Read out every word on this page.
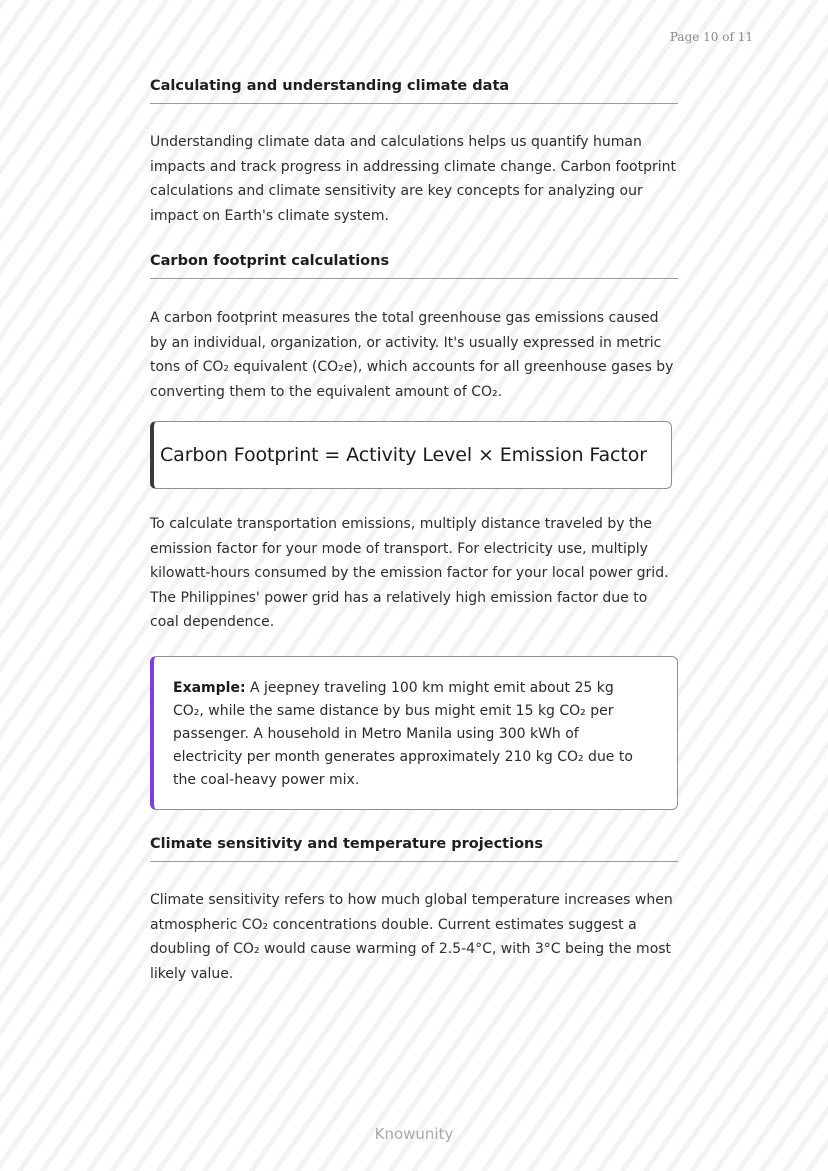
Page 10 of 11
Calculating and understanding climate data
Understanding climate data and calculations helps us quantify human impacts and track progress in addressing climate change. Carbon footprint calculations and climate sensitivity are key concepts for analyzing our impact on Earth's climate system.
Carbon footprint calculations
A carbon footprint measures the total greenhouse gas emissions caused by an individual, organization, or activity. It's usually expressed in metric tons of CO₂ equivalent (CO₂e), which accounts for all greenhouse gases by converting them to the equivalent amount of CO₂.
To calculate transportation emissions, multiply distance traveled by the emission factor for your mode of transport. For electricity use, multiply kilowatt-hours consumed by the emission factor for your local power grid. The Philippines' power grid has a relatively high emission factor due to coal dependence.
Climate sensitivity and temperature projections
Climate sensitivity refers to how much global temperature increases when atmospheric CO₂ concentrations double. Current estimates suggest a doubling of CO₂ would cause warming of 2.5-4°C, with 3°C being the most likely value.
Carbon Footprint = Activity Level × Emission Factor
Example: A jeepney traveling 100 km might emit about 25 kg CO₂, while the same distance by bus might emit 15 kg CO₂ per passenger. A household in Metro Manila using 300 kWh of electricity per month generates approximately 210 kg CO₂ due to the coal-heavy power mix.
Knowunity
